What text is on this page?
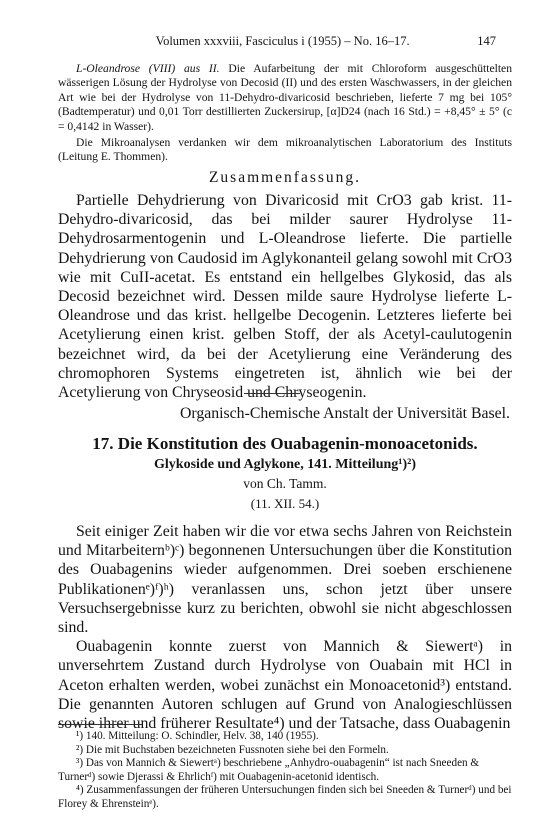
Volumen xxxviii, Fasciculus i (1955) – No. 16–17.	147

L-Oleandrose (VIII) aus II. Die Aufarbeitung der mit Chloroform ausgeschüttelten wässerigen Lösung der Hydrolyse von Decosid (II) und des ersten Waschwassers, in der gleichen Art wie bei der Hydrolyse von 11-Dehydro-divaricosid beschrieben, lieferte 7 mg bei 105° (Badtemperatur) und 0,01 Torr destillierten Zuckersirup, [α]D24 (nach 16 Std.) = +8,45° ± 5° (c = 0,4142 in Wasser).

Die Mikroanalysen verdanken wir dem mikroanalytischen Laboratorium des Instituts (Leitung E. Thommen).

Zusammenfassung.

Partielle Dehydrierung von Divaricosid mit CrO3 gab krist. 11-Dehydro-divaricosid, das bei milder saurer Hydrolyse 11-Dehydrosarmentogenin und L-Oleandrose lieferte. Die partielle Dehydrierung von Caudosid im Aglykonanteil gelang sowohl mit CrO3 wie mit CuII-acetat. Es entstand ein hellgelbes Glykosid, das als Decosid bezeichnet wird. Dessen milde saure Hydrolyse lieferte L-Oleandrose und das krist. hellgelbe Decogenin. Letzteres lieferte bei Acetylierung einen krist. gelben Stoff, der als Acetyl-caulutogenin bezeichnet wird, da bei der Acetylierung eine Veränderung des chromophoren Systems eingetreten ist, ähnlich wie bei der Acetylierung von Chryseosid und Chryseogenin.

Organisch-Chemische Anstalt der Universität Basel.

17. Die Konstitution des Ouabagenin-monoacetonids.

Glykoside und Aglykone, 141. Mitteilung¹)²)

von Ch. Tamm.

(11. XII. 54.)

Seit einiger Zeit haben wir die vor etwa sechs Jahren von Reichstein und Mitarbeiternᵇ)ᶜ) begonnenen Untersuchungen über die Konstitution des Ouabagenins wieder aufgenommen. Drei soeben erschienene Publikationenᵉ)ᶠ)ʰ) veranlassen uns, schon jetzt über unsere Versuchsergebnisse kurz zu berichten, obwohl sie nicht abgeschlossen sind.

Ouabagenin konnte zuerst von Mannich & Siewertᵃ) in unversehrtem Zustand durch Hydrolyse von Ouabain mit HCl in Aceton erhalten werden, wobei zunächst ein Monoacetonid³) entstand. Die genannten Autoren schlugen auf Grund von Analogieschlüssen sowie ihrer und früherer Resultate⁴) und der Tatsache, dass Ouabagenin

¹) 140. Mitteilung: O. Schindler, Helv. 38, 140 (1955).

²) Die mit Buchstaben bezeichneten Fussnoten siehe bei den Formeln.

³) Das von Mannich & Siewertᵃ) beschriebene „Anhydro-ouabagenin“ ist nach Sneeden & Turnerᵈ) sowie Djerassi & Ehrlichᶠ) mit Ouabagenin-acetonid identisch.

⁴) Zusammenfassungen der früheren Untersuchungen finden sich bei Sneeden & Turnerᵈ) und bei Florey & Ehrensteinᵉ).
